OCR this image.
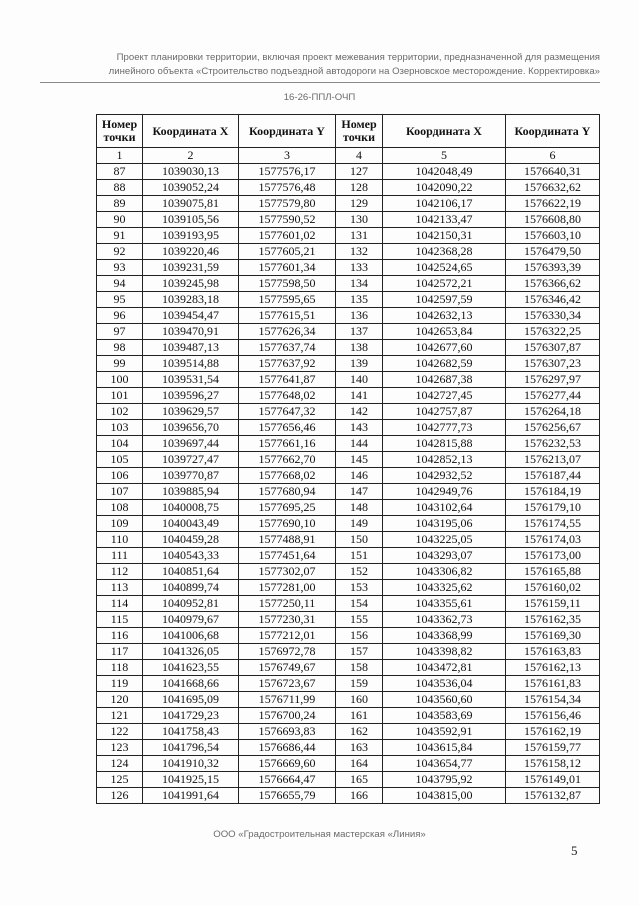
Проект планировки территории, включая проект межевания территории, предназначенной для размещения
линейного объекта «Строительство подъездной автодороги на Озерновское месторождение. Корректировка»
16-26-ППЛ-ОЧП
Номер точки	Координата X	Координата Y	Номер точки	Координата X	Координата Y
1	2	3	4	5	6
87	1039030,13	1577576,17	127	1042048,49	1576640,31
88	1039052,24	1577576,48	128	1042090,22	1576632,62
89	1039075,81	1577579,80	129	1042106,17	1576622,19
90	1039105,56	1577590,52	130	1042133,47	1576608,80
91	1039193,95	1577601,02	131	1042150,31	1576603,10
92	1039220,46	1577605,21	132	1042368,28	1576479,50
93	1039231,59	1577601,34	133	1042524,65	1576393,39
94	1039245,98	1577598,50	134	1042572,21	1576366,62
95	1039283,18	1577595,65	135	1042597,59	1576346,42
96	1039454,47	1577615,51	136	1042632,13	1576330,34
97	1039470,91	1577626,34	137	1042653,84	1576322,25
98	1039487,13	1577637,74	138	1042677,60	1576307,87
99	1039514,88	1577637,92	139	1042682,59	1576307,23
100	1039531,54	1577641,87	140	1042687,38	1576297,97
101	1039596,27	1577648,02	141	1042727,45	1576277,44
102	1039629,57	1577647,32	142	1042757,87	1576264,18
103	1039656,70	1577656,46	143	1042777,73	1576256,67
104	1039697,44	1577661,16	144	1042815,88	1576232,53
105	1039727,47	1577662,70	145	1042852,13	1576213,07
106	1039770,87	1577668,02	146	1042932,52	1576187,44
107	1039885,94	1577680,94	147	1042949,76	1576184,19
108	1040008,75	1577695,25	148	1043102,64	1576179,10
109	1040043,49	1577690,10	149	1043195,06	1576174,55
110	1040459,28	1577488,91	150	1043225,05	1576174,03
111	1040543,33	1577451,64	151	1043293,07	1576173,00
112	1040851,64	1577302,07	152	1043306,82	1576165,88
113	1040899,74	1577281,00	153	1043325,62	1576160,02
114	1040952,81	1577250,11	154	1043355,61	1576159,11
115	1040979,67	1577230,31	155	1043362,73	1576162,35
116	1041006,68	1577212,01	156	1043368,99	1576169,30
117	1041326,05	1576972,78	157	1043398,82	1576163,83
118	1041623,55	1576749,67	158	1043472,81	1576162,13
119	1041668,66	1576723,67	159	1043536,04	1576161,83
120	1041695,09	1576711,99	160	1043560,60	1576154,34
121	1041729,23	1576700,24	161	1043583,69	1576156,46
122	1041758,43	1576693,83	162	1043592,91	1576162,19
123	1041796,54	1576686,44	163	1043615,84	1576159,77
124	1041910,32	1576669,60	164	1043654,77	1576158,12
125	1041925,15	1576664,47	165	1043795,92	1576149,01
126	1041991,64	1576655,79	166	1043815,00	1576132,87
ООО «Градостроительная мастерская «Линия»
5
